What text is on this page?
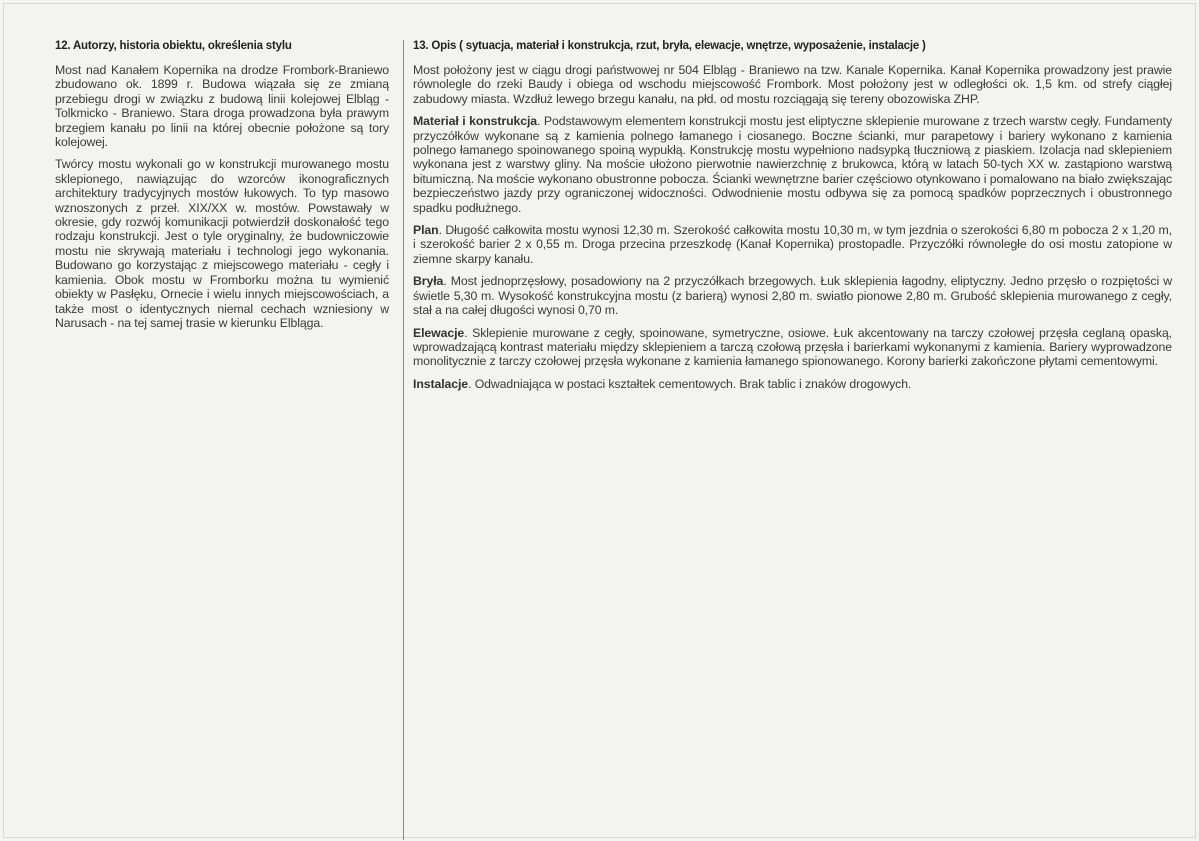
12. Autorzy, historia obiektu, określenia stylu

Most nad Kanałem Kopernika na drodze Frombork-Braniewo zbudowano ok. 1899 r. Budowa wiązała się ze zmianą przebiegu drogi w związku z budową linii kolejowej Elbląg - Tolkmicko - Braniewo. Stara droga prowadzona była prawym brzegiem kanału po linii na której obecnie położone są tory kolejowej.

Twórcy mostu wykonali go w konstrukcji murowanego mostu sklepionego, nawiązując do wzorców ikonograficznych architektury tradycyjnych mostów łukowych. To typ masowo wznoszonych z przeł. XIX/XX w. mostów. Powstawały w okresie, gdy rozwój komunikacji potwierdził doskonałość tego rodzaju konstrukcji. Jest o tyle oryginalny, że budowniczowie mostu nie skrywają materiału i technologi jego wykonania. Budowano go korzystając z miejscowego materiału - cegły i kamienia. Obok mostu w Fromborku można tu wymienić obiekty w Pasłęku, Ornecie i wielu innych miejscowościach, a także most o identycznych niemal cechach wzniesiony w Narusach - na tej samej trasie w kierunku Elbląga.

13. Opis ( sytuacja, materiał i konstrukcja, rzut, bryła, elewacje, wnętrze, wyposażenie, instalacje )

Most położony jest w ciągu drogi państwowej nr 504 Elbląg - Braniewo na tzw. Kanale Kopernika. Kanał Kopernika prowadzony jest prawie równolegle do rzeki Baudy i obiega od wschodu miejscowość Frombork. Most położony jest w odległości ok. 1,5 km. od strefy ciągłej zabudowy miasta. Wzdłuż lewego brzegu kanału, na płd. od mostu rozciągają się tereny obozowiska ZHP.

Materiał i konstrukcja. Podstawowym elementem konstrukcji mostu jest eliptyczne sklepienie murowane z trzech warstw cegły. Fundamenty przyczółków wykonane są z kamienia polnego łamanego i ciosanego. Boczne ścianki, mur parapetowy i bariery wykonano z kamienia polnego łamanego spoinowanego spoiną wypukłą. Konstrukcję mostu wypełniono nadsypką tłuczniową z piaskiem. Izolacja nad sklepieniem wykonana jest z warstwy gliny. Na moście ułożono pierwotnie nawierzchnię z brukowca, którą w latach 50-tych XX w. zastąpiono warstwą bitumiczną. Na moście wykonano obustronne pobocza. Ścianki wewnętrzne barier częściowo otynkowano i pomalowano na biało zwiększając bezpieczeństwo jazdy przy ograniczonej widoczności. Odwodnienie mostu odbywa się za pomocą spadków poprzecznych i obustronnego spadku podłużnego.

Plan. Długość całkowita mostu wynosi 12,30 m. Szerokość całkowita mostu 10,30 m, w tym jezdnia o szerokości 6,80 m pobocza 2 x 1,20 m, i szerokość barier 2 x 0,55 m. Droga przecina przeszkodę (Kanał Kopernika) prostopadle. Przyczółki równoległe do osi mostu zatopione w ziemne skarpy kanału.

Bryła. Most jednoprzęsłowy, posadowiony na 2 przyczółkach brzegowych. Łuk sklepienia łagodny, eliptyczny. Jedno przęsło o rozpiętości w świetle 5,30 m. Wysokość konstrukcyjna mostu (z barierą) wynosi 2,80 m. swiatło pionowe 2,80 m. Grubość sklepienia murowanego z cegły, stał a na całej długości wynosi 0,70 m.

Elewacje. Sklepienie murowane z cegły, spoinowane, symetryczne, osiowe. Łuk akcentowany na tarczy czołowej przęsła ceglaną opaską, wprowadzającą kontrast materiału między sklepieniem a tarczą czołową przęsła i barierkami wykonanymi z kamienia. Bariery wyprowadzone monolitycznie z tarczy czołowej przęsła wykonane z kamienia łamanego spionowanego. Korony barierki zakończone płytami cementowymi.

Instalacje. Odwadniająca w postaci kształtek cementowych. Brak tablic i znaków drogowych.
